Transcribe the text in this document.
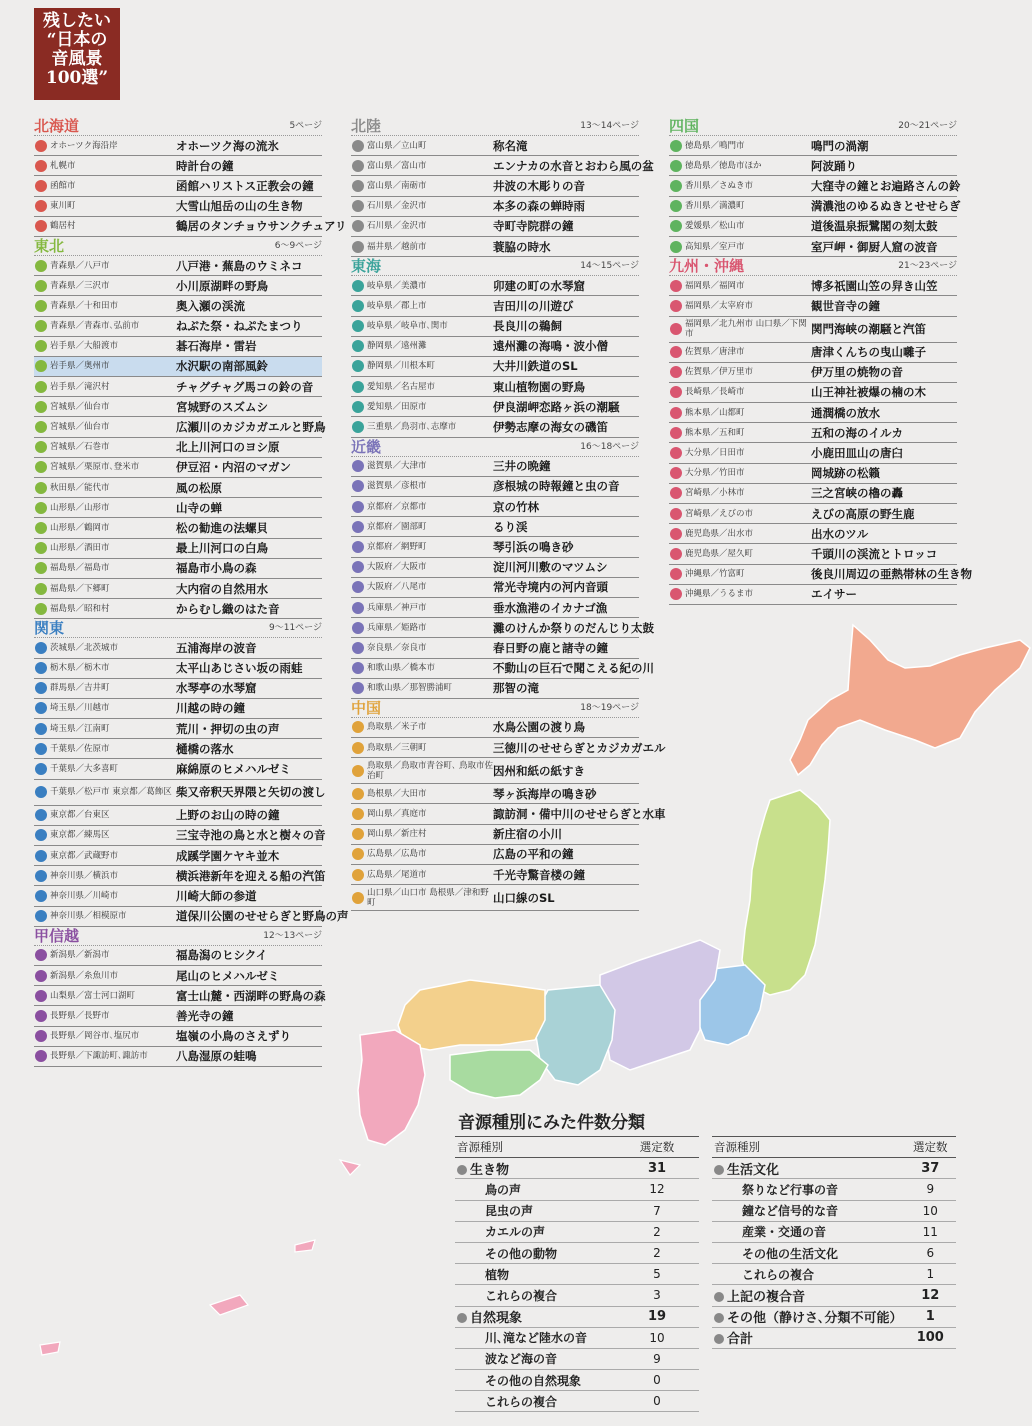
残したい
“日本の
音風景
100選”
北海道	5ページ
オホーツク海沿岸	オホーツク海の流氷
札幌市	時計台の鐘
函館市	函館ハリストス正教会の鐘
東川町	大雪山旭岳の山の生き物
鶴居村	鶴居のタンチョウサンクチュアリ
東北	6～9ページ
青森県／八戸市	八戸港・蕪島のウミネコ
青森県／三沢市	小川原湖畔の野鳥
青森県／十和田市	奥入瀬の渓流
青森県／青森市､弘前市	ねぶた祭・ねぷたまつり
岩手県／大船渡市	碁石海岸・雷岩
岩手県／奥州市	水沢駅の南部風鈴
岩手県／滝沢村	チャグチャグ馬コの鈴の音
宮城県／仙台市	宮城野のスズムシ
宮城県／仙台市	広瀬川のカジカガエルと野鳥
宮城県／石巻市	北上川河口のヨシ原
宮城県／栗原市､登米市	伊豆沼・内沼のマガン
秋田県／能代市	風の松原
山形県／山形市	山寺の蝉
山形県／鶴岡市	松の勧進の法螺貝
山形県／酒田市	最上川河口の白鳥
福島県／福島市	福島市小鳥の森
福島県／下郷町	大内宿の自然用水
福島県／昭和村	からむし織のはた音
関東	9～11ページ
茨城県／北茨城市	五浦海岸の波音
栃木県／栃木市	太平山あじさい坂の雨蛙
群馬県／吉井町	水琴亭の水琴窟
埼玉県／川越市	川越の時の鐘
埼玉県／江南町	荒川・押切の虫の声
千葉県／佐原市	樋橋の落水
千葉県／大多喜町	麻綿原のヒメハルゼミ
千葉県／松戸市 東京都／葛飾区 柴又帝釈天界隈と矢切の渡し
東京都／台東区	上野のお山の時の鐘
東京都／練馬区	三宝寺池の鳥と水と樹々の音
東京都／武蔵野市	成蹊学園ケヤキ並木
神奈川県／横浜市	横浜港新年を迎える船の汽笛
神奈川県／川崎市	川崎大師の参道
神奈川県／相模原市	道保川公園のせせらぎと野鳥の声
甲信越	12～13ページ
新潟県／新潟市	福島潟のヒシクイ
新潟県／糸魚川市	尾山のヒメハルゼミ
山梨県／富士河口湖町	富士山麓・西湖畔の野鳥の森
長野県／長野市	善光寺の鐘
長野県／岡谷市､塩尻市	塩嶺の小鳥のさえずり
長野県／下諏訪町､諏訪市	八島湿原の蛙鳴
北陸	13～14ページ
富山県／立山町	称名滝
富山県／富山市	エンナカの水音とおわら風の盆
富山県／南砺市	井波の木彫りの音
石川県／金沢市	本多の森の蝉時雨
石川県／金沢市	寺町寺院群の鐘
福井県／越前市	蓑脇の時水
東海	14～15ページ
岐阜県／美濃市	卯建の町の水琴窟
岐阜県／郡上市	吉田川の川遊び
岐阜県／岐阜市､関市	長良川の鵜飼
静岡県／遠州灘	遠州灘の海鳴・波小僧
静岡県／川根本町	大井川鉄道のSL
愛知県／名古屋市	東山植物園の野鳥
愛知県／田原市	伊良湖岬恋路ヶ浜の潮騒
三重県／鳥羽市､志摩市	伊勢志摩の海女の磯笛
近畿	16～18ページ
滋賀県／大津市	三井の晩鐘
滋賀県／彦根市	彦根城の時報鐘と虫の音
京都府／京都市	京の竹林
京都府／園部町	るり渓
京都府／網野町	琴引浜の鳴き砂
大阪府／大阪市	淀川河川敷のマツムシ
大阪府／八尾市	常光寺境内の河内音頭
兵庫県／神戸市	垂水漁港のイカナゴ漁
兵庫県／姫路市	灘のけんか祭りのだんじり太鼓
奈良県／奈良市	春日野の鹿と諸寺の鐘
和歌山県／橋本市	不動山の巨石で聞こえる紀の川
和歌山県／那智勝浦町	那智の滝
中国	18～19ページ
鳥取県／米子市	水鳥公園の渡り鳥
鳥取県／三朝町	三徳川のせせらぎとカジカガエル
鳥取県／鳥取市青谷町､ 鳥取市佐治町	因州和紙の紙すき
島根県／大田市	琴ヶ浜海岸の鳴き砂
岡山県／真庭市	諏訪洞・備中川のせせらぎと水車
岡山県／新庄村	新庄宿の小川
広島県／広島市	広島の平和の鐘
広島県／尾道市	千光寺驚音楼の鐘
山口県／山口市 島根県／津和野町	山口線のSL
四国	20～21ページ
徳島県／鳴門市	鳴門の渦潮
徳島県／徳島市ほか	阿波踊り
香川県／さぬき市	大窪寺の鐘とお遍路さんの鈴
香川県／満濃町	満濃池のゆるぬきとせせらぎ
愛媛県／松山市	道後温泉振鷺閣の刻太鼓
高知県／室戸市	室戸岬・御厨人窟の波音
九州・沖縄	21～23ページ
福岡県／福岡市	博多祇園山笠の舁き山笠
福岡県／太宰府市	観世音寺の鐘
福岡県／北九州市 山口県／下関市	関門海峡の潮騒と汽笛
佐賀県／唐津市	唐津くんちの曳山囃子
佐賀県／伊万里市	伊万里の焼物の音
長崎県／長崎市	山王神社被爆の楠の木
熊本県／山都町	通潤橋の放水
熊本県／五和町	五和の海のイルカ
大分県／日田市	小鹿田皿山の唐臼
大分県／竹田市	岡城跡の松籟
宮崎県／小林市	三之宮峡の櫓の轟
宮崎県／えびの市	えびの高原の野生鹿
鹿児島県／出水市	出水のツル
鹿児島県／屋久町	千頭川の渓流とトロッコ
沖縄県／竹富町	後良川周辺の亜熱帯林の生き物
沖縄県／うるま市	エイサー
音源種別にみた件数分類
音源種別	選定数
生き物	31
鳥の声	12
昆虫の声	7
カエルの声	2
その他の動物	2
植物	5
これらの複合	3
自然現象	19
川､滝など陸水の音	10
波など海の音	9
その他の自然現象	0
これらの複合	0
音源種別	選定数
生活文化	37
祭りなど行事の音	9
鐘など信号的な音	10
産業・交通の音	11
その他の生活文化	6
これらの複合	1
上記の複合音	12
その他（静けさ､分類不可能）	1
合計	100
